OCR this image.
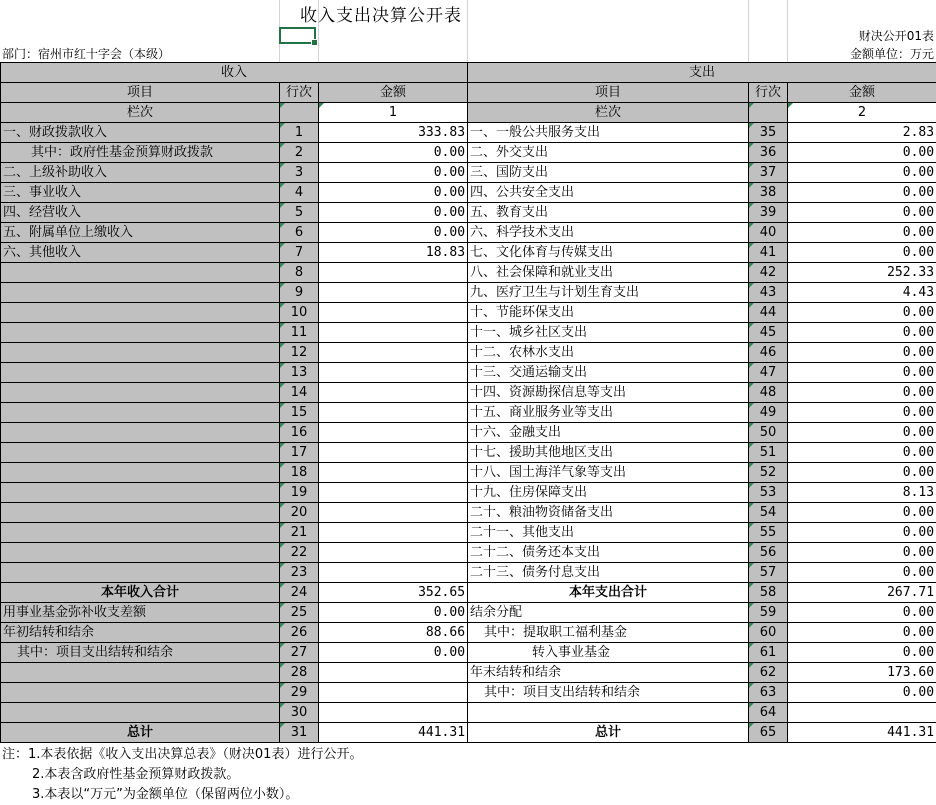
收入支出决算公开表
财决公开01表
部门：宿州市红十字会（本级）	金额单位：万元
收入			支出		
项目	行次	金额	项目	行次	金额
栏次		1	栏次		2
一、财政拨款收入	1	333.83	一、一般公共服务支出	35	2.83
其中：政府性基金预算财政拨款	2	0.00	二、外交支出	36	0.00
二、上级补助收入	3	0.00	三、国防支出	37	0.00
三、事业收入	4	0.00	四、公共安全支出	38	0.00
四、经营收入	5	0.00	五、教育支出	39	0.00
五、附属单位上缴收入	6	0.00	六、科学技术支出	40	0.00
六、其他收入	7	18.83	七、文化体育与传媒支出	41	0.00
	8		八、社会保障和就业支出	42	252.33
	9		九、医疗卫生与计划生育支出	43	4.43
	10		十、节能环保支出	44	0.00
	11		十一、城乡社区支出	45	0.00
	12		十二、农林水支出	46	0.00
	13		十三、交通运输支出	47	0.00
	14		十四、资源勘探信息等支出	48	0.00
	15		十五、商业服务业等支出	49	0.00
	16		十六、金融支出	50	0.00
	17		十七、援助其他地区支出	51	0.00
	18		十八、国土海洋气象等支出	52	0.00
	19		十九、住房保障支出	53	8.13
	20		二十、粮油物资储备支出	54	0.00
	21		二十一、其他支出	55	0.00
	22		二十二、债务还本支出	56	0.00
	23		二十三、债务付息支出	57	0.00
本年收入合计	24	352.65	本年支出合计	58	267.71
用事业基金弥补收支差额	25	0.00	结余分配	59	0.00
年初结转和结余	26	88.66	其中：提取职工福利基金	60	0.00
其中：项目支出结转和结余	27	0.00	转入事业基金	61	0.00
	28		年末结转和结余	62	173.60
	29		其中：项目支出结转和结余	63	0.00
	30			64	
总计	31	441.31	总计	65	441.31
注：1.本表依据《收入支出决算总表》（财决01表）进行公开。
2.本表含政府性基金预算财政拨款。
3.本表以“万元”为金额单位（保留两位小数）。
